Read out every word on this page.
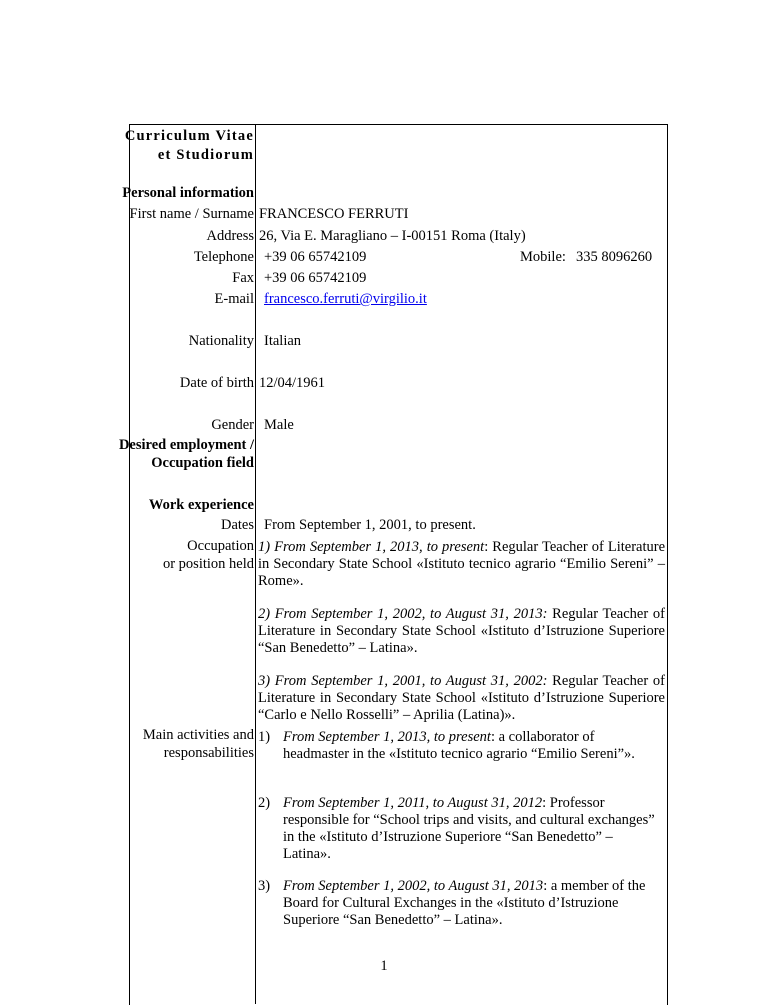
Curriculum Vitae
et Studiorum
Personal information
First name / Surname FRANCESCO FERRUTI
Address 26, Via E. Maragliano – I-00151 Roma (Italy)
Telephone +39 06 65742109	Mobile: 335 8096260
Fax +39 06 65742109
E-mail francesco.ferruti@virgilio.it
Nationality Italian
Date of birth 12/04/1961
Gender Male
Desired employment /
Occupation field
Work experience
Dates From September 1, 2001, to present.
Occupation
or position held
1) From September 1, 2013, to present: Regular Teacher of Literature in Secondary State School «Istituto tecnico agrario “Emilio Sereni” – Rome».
2) From September 1, 2002, to August 31, 2013: Regular Teacher of Literature in Secondary State School «Istituto d’Istruzione Superiore “San Benedetto” – Latina».
3) From September 1, 2001, to August 31, 2002: Regular Teacher of Literature in Secondary State School «Istituto d’Istruzione Superiore “Carlo e Nello Rosselli” – Aprilia (Latina)».
Main activities and
responsabilities
1) From September 1, 2013, to present: a collaborator of headmaster in the «Istituto tecnico agrario “Emilio Sereni”».
2) From September 1, 2011, to August 31, 2012: Professor responsible for “School trips and visits, and cultural exchanges” in the «Istituto d’Istruzione Superiore “San Benedetto” – Latina».
3) From September 1, 2002, to August 31, 2013: a member of the Board for Cultural Exchanges in the «Istituto d’Istruzione Superiore “San Benedetto” – Latina».
1
